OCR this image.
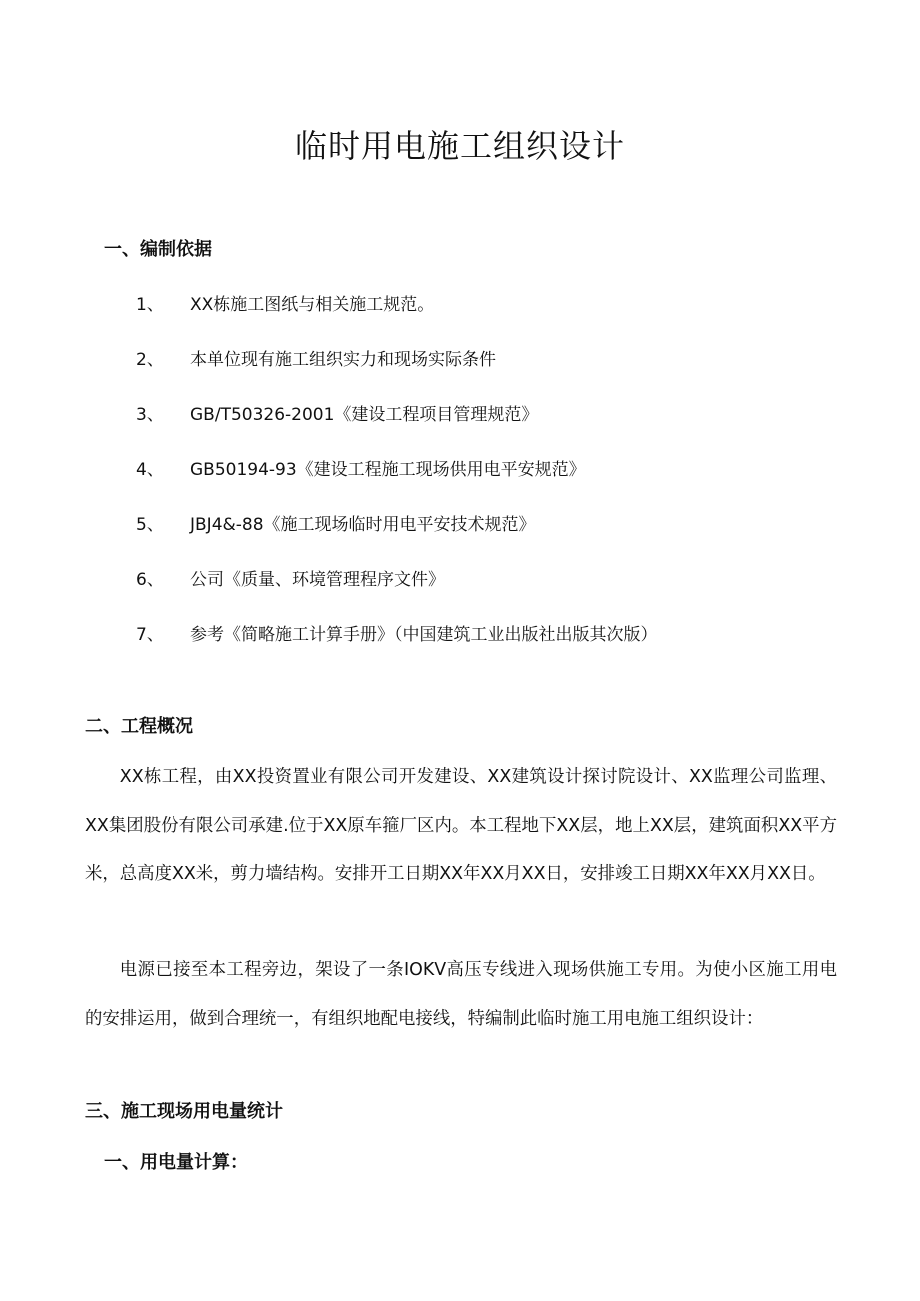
临时用电施工组织设计
一、编制依据
1、 XX栋施工图纸与相关施工规范。
2、 本单位现有施工组织实力和现场实际条件
3、 GB/T50326-2001《建设工程项目管理规范》
4、 GB50194-93《建设工程施工现场供用电平安规范》
5、 JBJ4&-88《施工现场临时用电平安技术规范》
6、 公司《质量、环境管理程序文件》
7、 参考《简略施工计算手册》（中国建筑工业出版社出版其次版）
二、工程概况

XX栋工程，由XX投资置业有限公司开发建设、XX建筑设计探讨院设计、XX监理公司监理、XX集团股份有限公司承建.位于XX原车箍厂区内。本工程地下XX层，地上XX层，建筑面积XX平方米，总高度XX米，剪力墙结构。安排开工日期XX年XX月XX日，安排竣工日期XX年XX月XX日。

电源已接至本工程旁边，架设了一条IOKV高压专线进入现场供施工专用。为使小区施工用电的安排运用，做到合理统一，有组织地配电接线，特编制此临时施工用电施工组织设计：

三、施工现场用电量统计
一、用电量计算：
